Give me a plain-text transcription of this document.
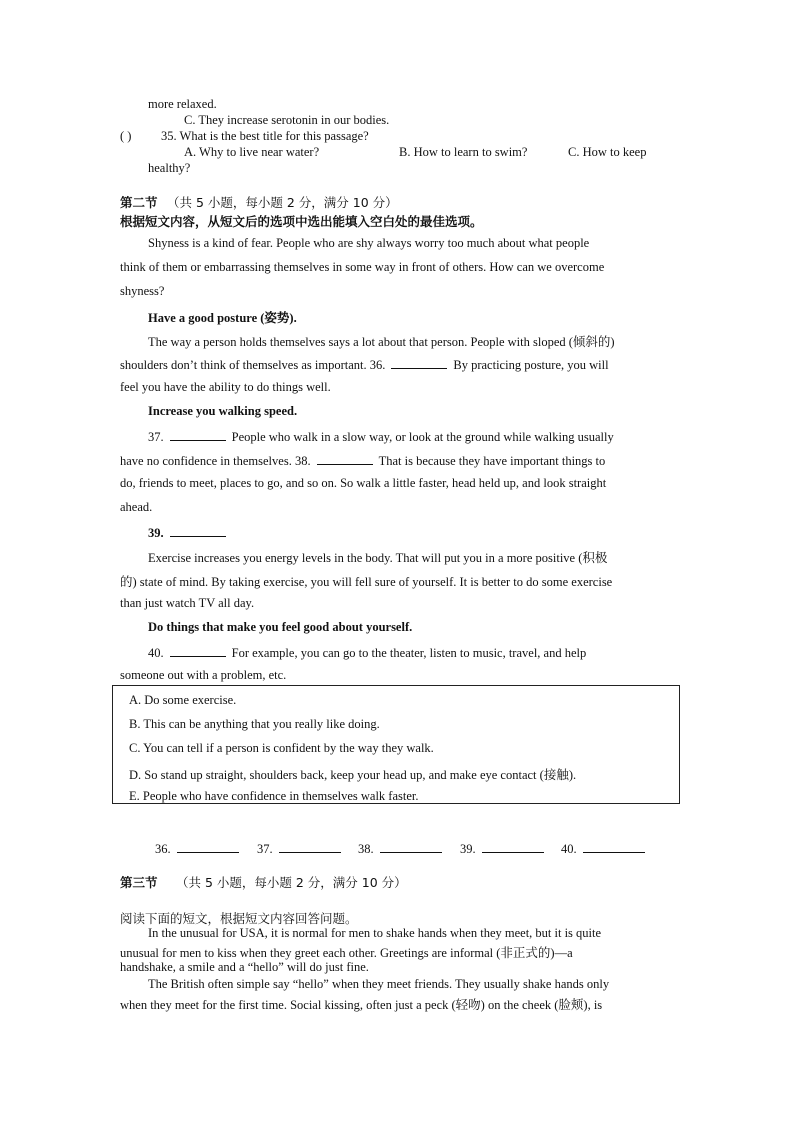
more relaxed.
C. They increase serotonin in our bodies.
( ) 35. What is the best title for this passage?
A. Why to live near water?	B. How to learn to swim?	C. How to keep
healthy?
第二节 （共 5 小题，每小题 2 分，满分 10 分）
根据短文内容，从短文后的选项中选出能填入空白处的最佳选项。
Shyness is a kind of fear. People who are shy always worry too much about what people
think of them or embarrassing themselves in some way in front of others. How can we overcome
shyness?
Have a good posture (姿势).
The way a person holds themselves says a lot about that person. People with sloped (倾斜的)
shoulders don’t think of themselves as important. 36.	By practicing posture, you will
feel you have the ability to do things well.
Increase you walking speed.
37.	People who walk in a slow way, or look at the ground while walking usually
have no confidence in themselves. 38.	That is because they have important things to
do, friends to meet, places to go, and so on. So walk a little faster, head held up, and look straight
ahead.
39.
Exercise increases you energy levels in the body. That will put you in a more positive (积极
的) state of mind. By taking exercise, you will fell sure of yourself. It is better to do some exercise
than just watch TV all day.
Do things that make you feel good about yourself.
40.	For example, you can go to the theater, listen to music, travel, and help
someone out with a problem, etc.
A. Do some exercise.
B. This can be anything that you really like doing.
C. You can tell if a person is confident by the way they walk.
D. So stand up straight, shoulders back, keep your head up, and make eye contact (接触).
E. People who have confidence in themselves walk faster.
36.	37.	38.	39.	40.
第三节 （共 5 小题，每小题 2 分，满分 10 分）
阅读下面的短文，根据短文内容回答问题。
In the unusual for USA, it is normal for men to shake hands when they meet, but it is quite
unusual for men to kiss when they greet each other. Greetings are informal (非正式的)—a
handshake, a smile and a “hello” will do just fine.
The British often simple say “hello” when they meet friends. They usually shake hands only
when they meet for the first time. Social kissing, often just a peck (轻吻) on the cheek (脸颊), is
